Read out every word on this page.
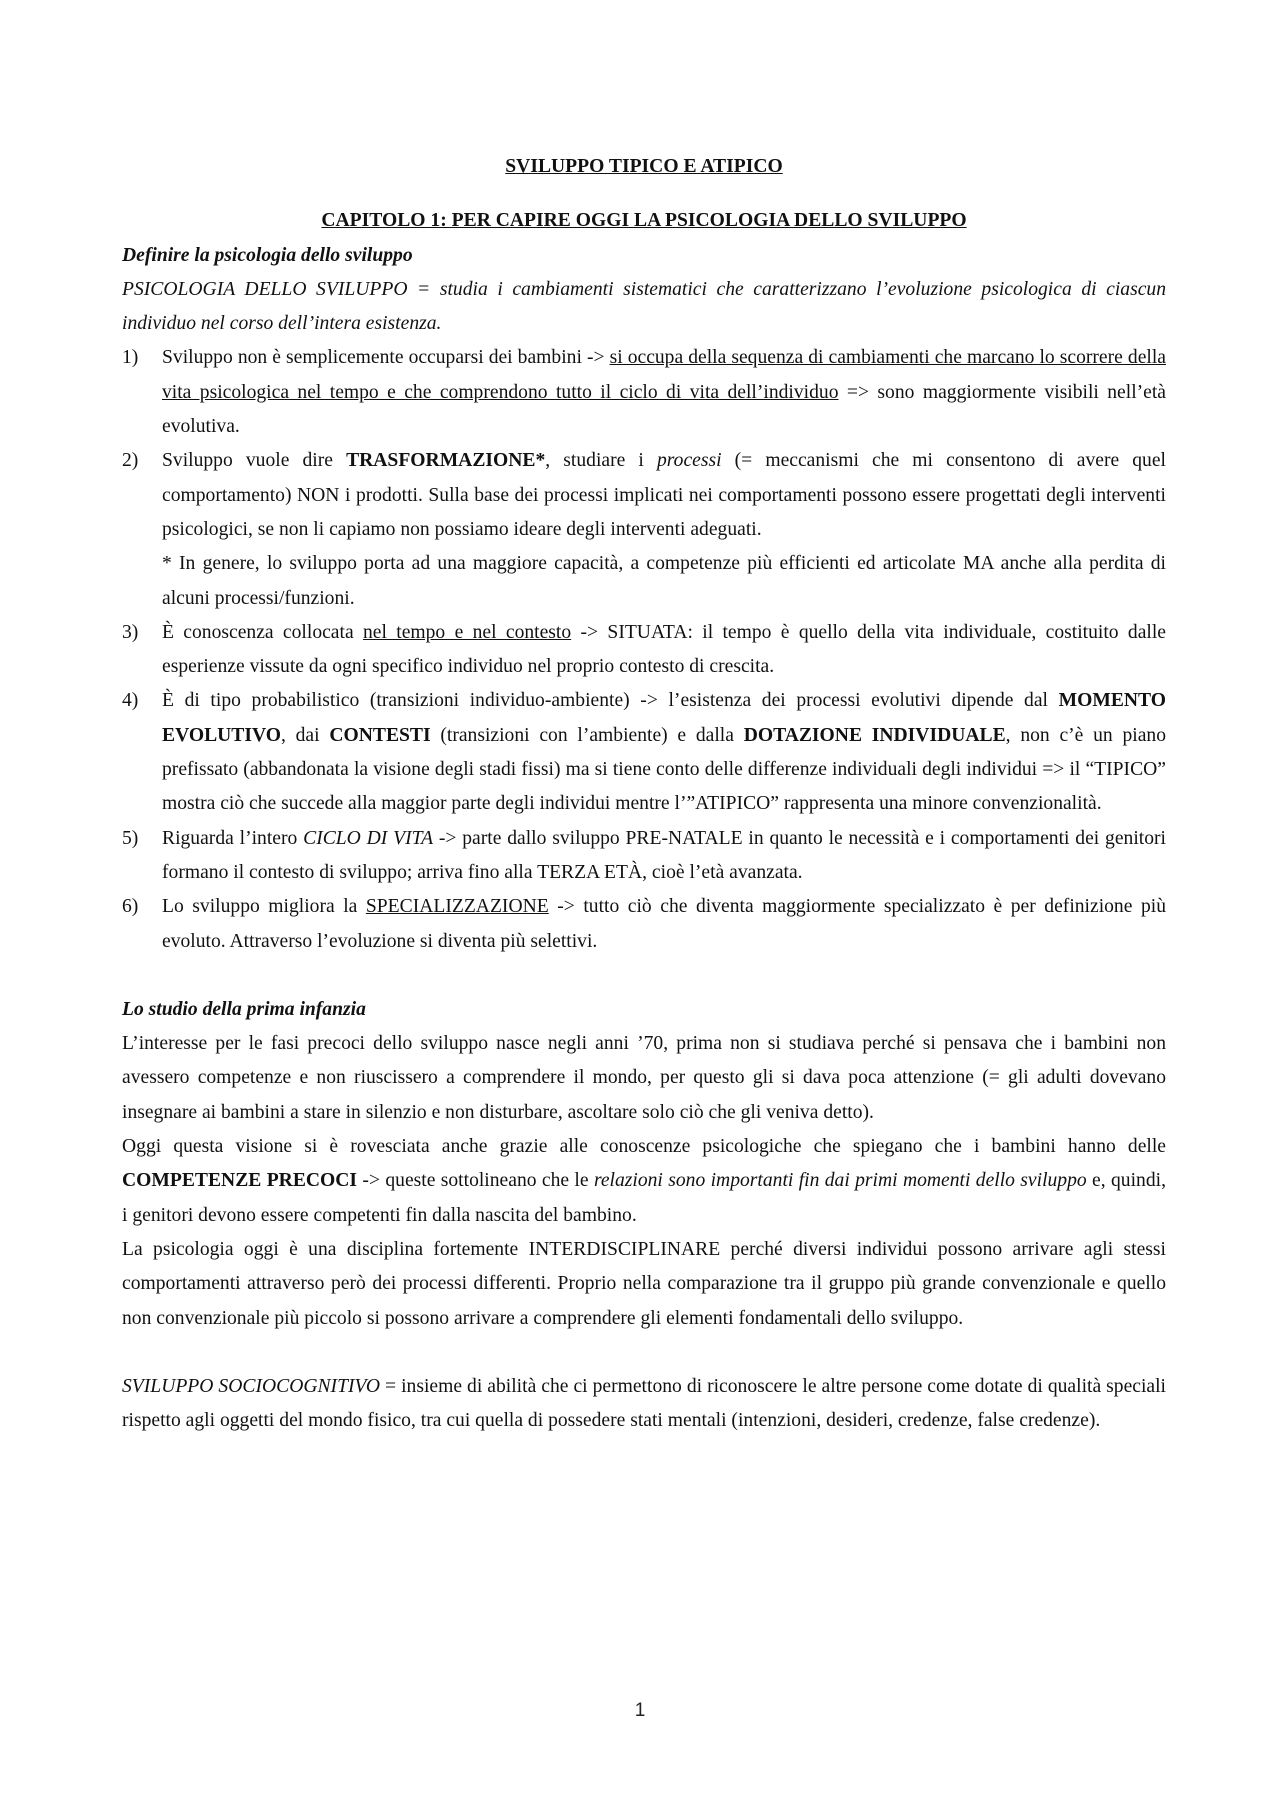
SVILUPPO TIPICO E ATIPICO

CAPITOLO 1: PER CAPIRE OGGI LA PSICOLOGIA DELLO SVILUPPO

Definire la psicologia dello sviluppo

PSICOLOGIA DELLO SVILUPPO = studia i cambiamenti sistematici che caratterizzano l’evoluzione psicologica di ciascun individuo nel corso dell’intera esistenza.

1) Sviluppo non è semplicemente occuparsi dei bambini -> si occupa della sequenza di cambiamenti che marcano lo scorrere della vita psicologica nel tempo e che comprendono tutto il ciclo di vita dell’individuo => sono maggiormente visibili nell’età evolutiva.
2) Sviluppo vuole dire TRASFORMAZIONE*, studiare i processi (= meccanismi che mi consentono di avere quel comportamento) NON i prodotti. Sulla base dei processi implicati nei comportamenti possono essere progettati degli interventi psicologici, se non li capiamo non possiamo ideare degli interventi adeguati.

* In genere, lo sviluppo porta ad una maggiore capacità, a competenze più efficienti ed articolate MA anche alla perdita di alcuni processi/funzioni.

3) È conoscenza collocata nel tempo e nel contesto -> SITUATA: il tempo è quello della vita individuale, costituito dalle esperienze vissute da ogni specifico individuo nel proprio contesto di crescita.
4) È di tipo probabilistico (transizioni individuo-ambiente) -> l’esistenza dei processi evolutivi dipende dal MOMENTO EVOLUTIVO, dai CONTESTI (transizioni con l’ambiente) e dalla DOTAZIONE INDIVIDUALE, non c’è un piano prefissato (abbandonata la visione degli stadi fissi) ma si tiene conto delle differenze individuali degli individui => il “TIPICO” mostra ciò che succede alla maggior parte degli individui mentre l’”ATIPICO” rappresenta una minore convenzionalità.
5) Riguarda l’intero CICLO DI VITA -> parte dallo sviluppo PRE-NATALE in quanto le necessità e i comportamenti dei genitori formano il contesto di sviluppo; arriva fino alla TERZA ETÀ, cioè l’età avanzata.
6) Lo sviluppo migliora la SPECIALIZZAZIONE -> tutto ciò che diventa maggiormente specializzato è per definizione più evoluto. Attraverso l’evoluzione si diventa più selettivi.

Lo studio della prima infanzia

L’interesse per le fasi precoci dello sviluppo nasce negli anni ’70, prima non si studiava perché si pensava che i bambini non avessero competenze e non riuscissero a comprendere il mondo, per questo gli si dava poca attenzione (= gli adulti dovevano insegnare ai bambini a stare in silenzio e non disturbare, ascoltare solo ciò che gli veniva detto).

Oggi questa visione si è rovesciata anche grazie alle conoscenze psicologiche che spiegano che i bambini hanno delle COMPETENZE PRECOCI -> queste sottolineano che le relazioni sono importanti fin dai primi momenti dello sviluppo e, quindi, i genitori devono essere competenti fin dalla nascita del bambino.

La psicologia oggi è una disciplina fortemente INTERDISCIPLINARE perché diversi individui possono arrivare agli stessi comportamenti attraverso però dei processi differenti. Proprio nella comparazione tra il gruppo più grande convenzionale e quello non convenzionale più piccolo si possono arrivare a comprendere gli elementi fondamentali dello sviluppo.

SVILUPPO SOCIOCOGNITIVO = insieme di abilità che ci permettono di riconoscere le altre persone come dotate di qualità speciali rispetto agli oggetti del mondo fisico, tra cui quella di possedere stati mentali (intenzioni, desideri, credenze, false credenze).

1
